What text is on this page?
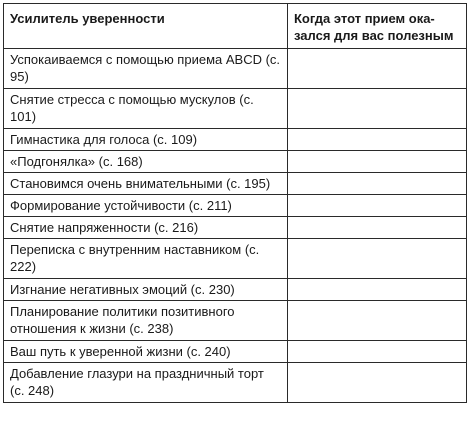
Усилитель уверенности	Когда этот прием ока-
зался для вас полезным
Успокаиваемся с помощью приема ABCD (с. 95)	
Снятие стресса с помощью мускулов (с. 101)	
Гимнастика для голоса (с. 109)	
«Подгонялка» (с. 168)	
Становимся очень внимательными (с. 195)	
Формирование устойчивости (с. 211)	
Снятие напряженности (с. 216)	
Переписка с внутренним наставником (с. 222)	
Изгнание негативных эмоций (с. 230)	
Планирование политики позитивного отношения к жизни (с. 238)	
Ваш путь к уверенной жизни (с. 240)	
Добавление глазури на праздничный торт (с. 248)	
